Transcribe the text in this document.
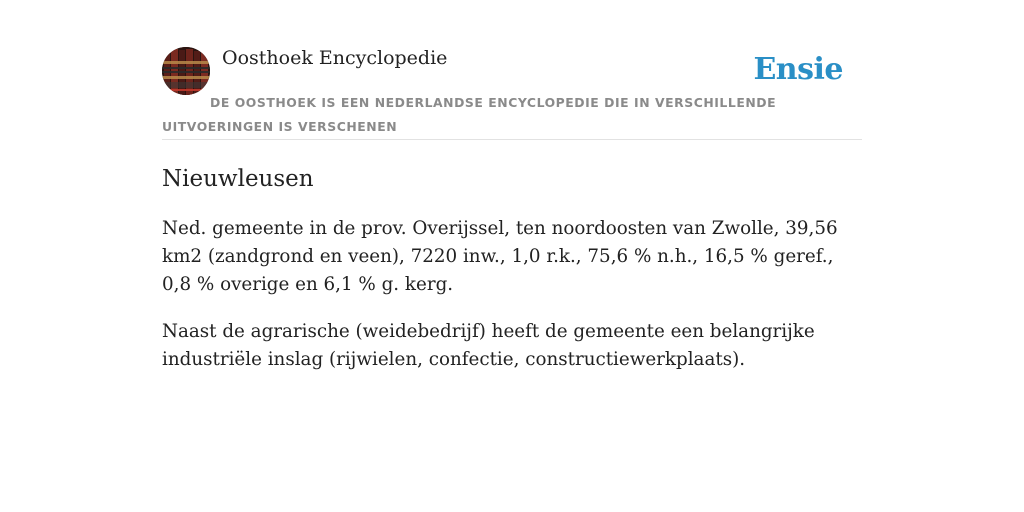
Oosthoek Encyclopedie	Ensie
DE OOSTHOEK IS EEN NEDERLANDSE ENCYCLOPEDIE DIE IN VERSCHILLENDE UITVOERINGEN IS VERSCHENEN
Nieuwleusen

Ned. gemeente in de prov. Overijssel, ten noordoosten van Zwolle, 39,56 km2 (zandgrond en veen), 7220 inw., 1,0 r.k., 75,6 % n.h., 16,5 % geref., 0,8 % overige en 6,1 % g. kerg.

Naast de agrarische (weidebedrijf) heeft de gemeente een belangrijke industriële inslag (rijwielen, confectie, constructiewerkplaats).
